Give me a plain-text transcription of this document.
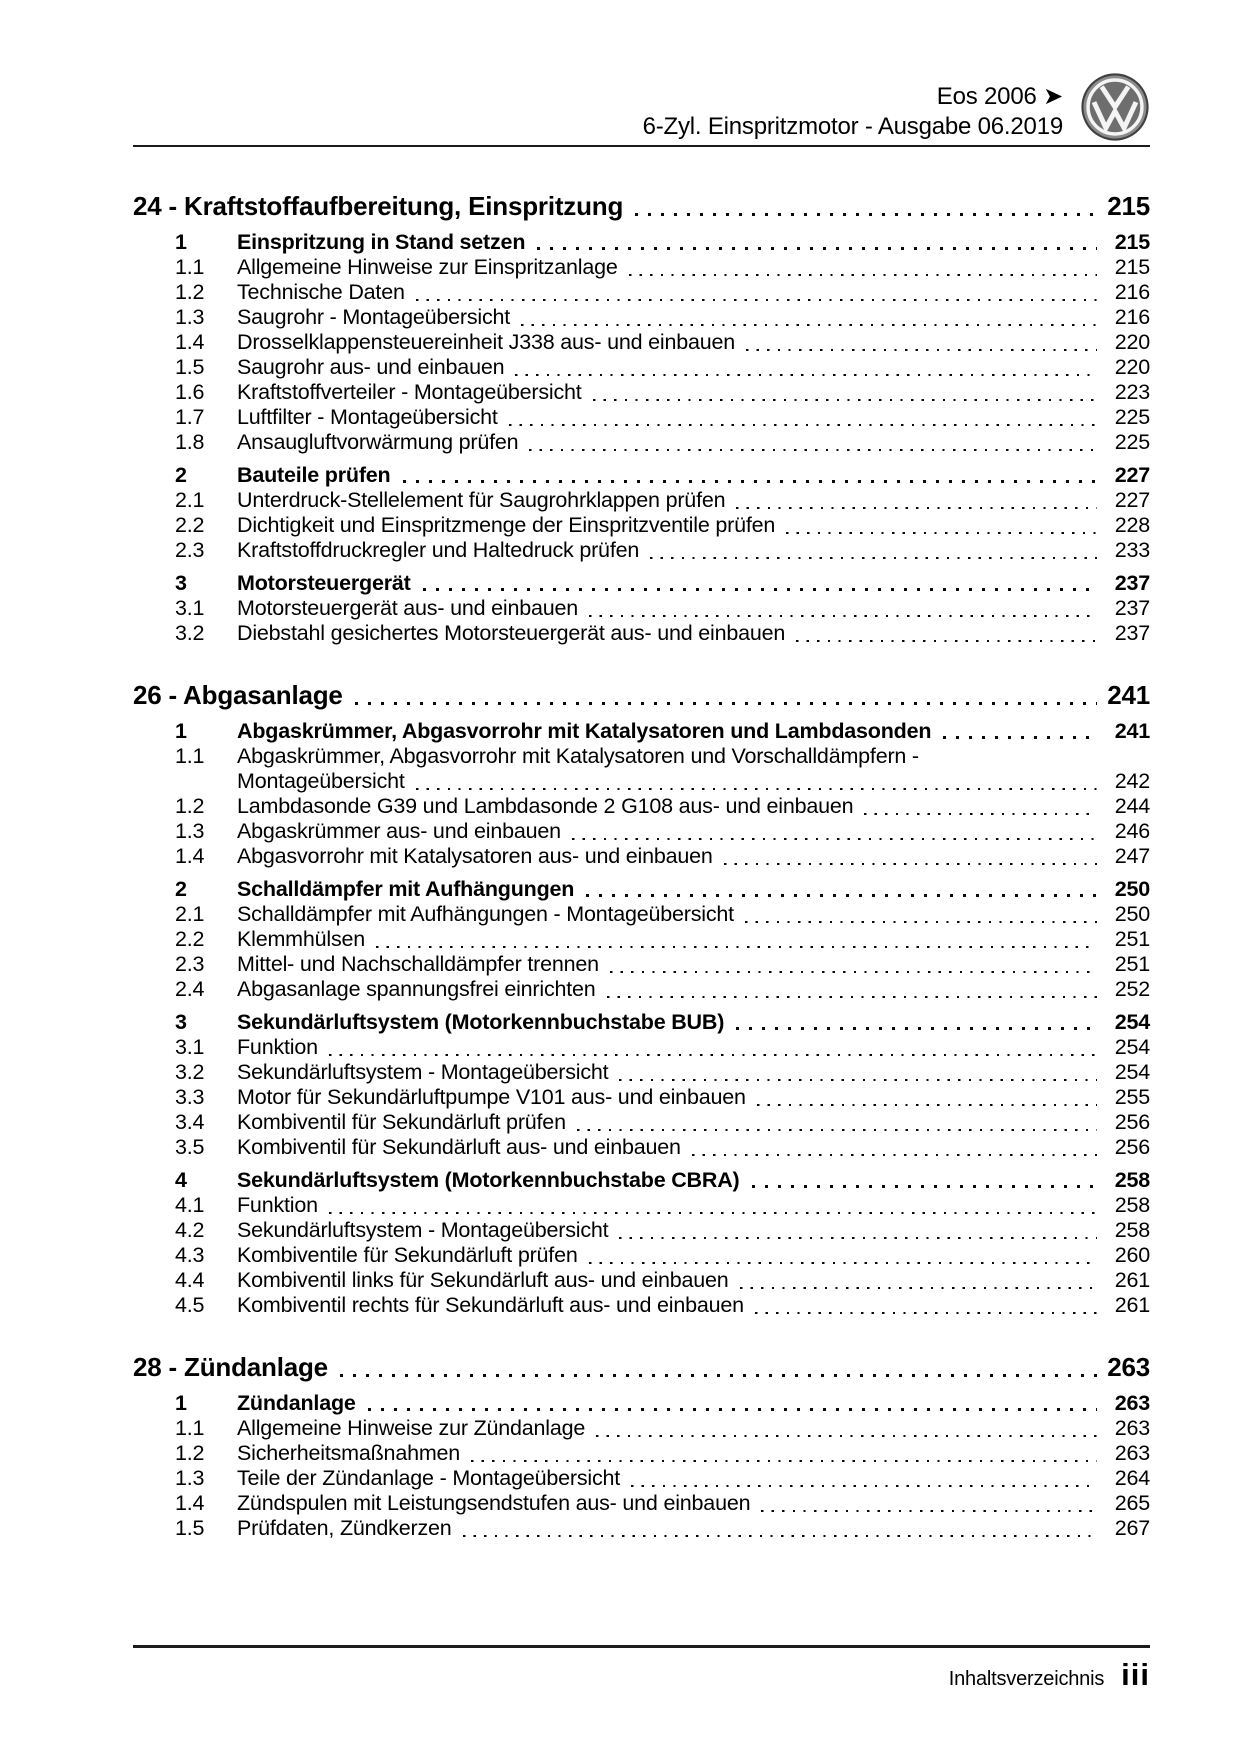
Eos 2006 ➤
6-Zyl. Einspritzmotor - Ausgabe 06.2019
24 - Kraftstoffaufbereitung, Einspritzung	215
1	Einspritzung in Stand setzen	215
1.1	Allgemeine Hinweise zur Einspritzanlage	215
1.2	Technische Daten	216
1.3	Saugrohr - Montageübersicht	216
1.4	Drosselklappensteuereinheit J338 aus- und einbauen	220
1.5	Saugrohr aus- und einbauen	220
1.6	Kraftstoffverteiler - Montageübersicht	223
1.7	Luftfilter - Montageübersicht	225
1.8	Ansaugluftvorwärmung prüfen	225
2	Bauteile prüfen	227
2.1	Unterdruck-Stellelement für Saugrohrklappen prüfen	227
2.2	Dichtigkeit und Einspritzmenge der Einspritzventile prüfen	228
2.3	Kraftstoffdruckregler und Haltedruck prüfen	233
3	Motorsteuergerät	237
3.1	Motorsteuergerät aus- und einbauen	237
3.2	Diebstahl gesichertes Motorsteuergerät aus- und einbauen	237
26 - Abgasanlage	241
1	Abgaskrümmer, Abgasvorrohr mit Katalysatoren und Lambdasonden	241
1.1	Abgaskrümmer, Abgasvorrohr mit Katalysatoren und Vorschalldämpfern -
Montageübersicht	242
1.2	Lambdasonde G39 und Lambdasonde 2 G108 aus- und einbauen	244
1.3	Abgaskrümmer aus- und einbauen	246
1.4	Abgasvorrohr mit Katalysatoren aus- und einbauen	247
2	Schalldämpfer mit Aufhängungen	250
2.1	Schalldämpfer mit Aufhängungen - Montageübersicht	250
2.2	Klemmhülsen	251
2.3	Mittel- und Nachschalldämpfer trennen	251
2.4	Abgasanlage spannungsfrei einrichten	252
3	Sekundärluftsystem (Motorkennbuchstabe BUB)	254
3.1	Funktion	254
3.2	Sekundärluftsystem - Montageübersicht	254
3.3	Motor für Sekundärluftpumpe V101 aus- und einbauen	255
3.4	Kombiventil für Sekundärluft prüfen	256
3.5	Kombiventil für Sekundärluft aus- und einbauen	256
4	Sekundärluftsystem (Motorkennbuchstabe CBRA)	258
4.1	Funktion	258
4.2	Sekundärluftsystem - Montageübersicht	258
4.3	Kombiventile für Sekundärluft prüfen	260
4.4	Kombiventil links für Sekundärluft aus- und einbauen	261
4.5	Kombiventil rechts für Sekundärluft aus- und einbauen	261
28 - Zündanlage	263
1	Zündanlage	263
1.1	Allgemeine Hinweise zur Zündanlage	263
1.2	Sicherheitsmaßnahmen	263
1.3	Teile der Zündanlage - Montageübersicht	264
1.4	Zündspulen mit Leistungsendstufen aus- und einbauen	265
1.5	Prüfdaten, Zündkerzen	267
Inhaltsverzeichnis iii
